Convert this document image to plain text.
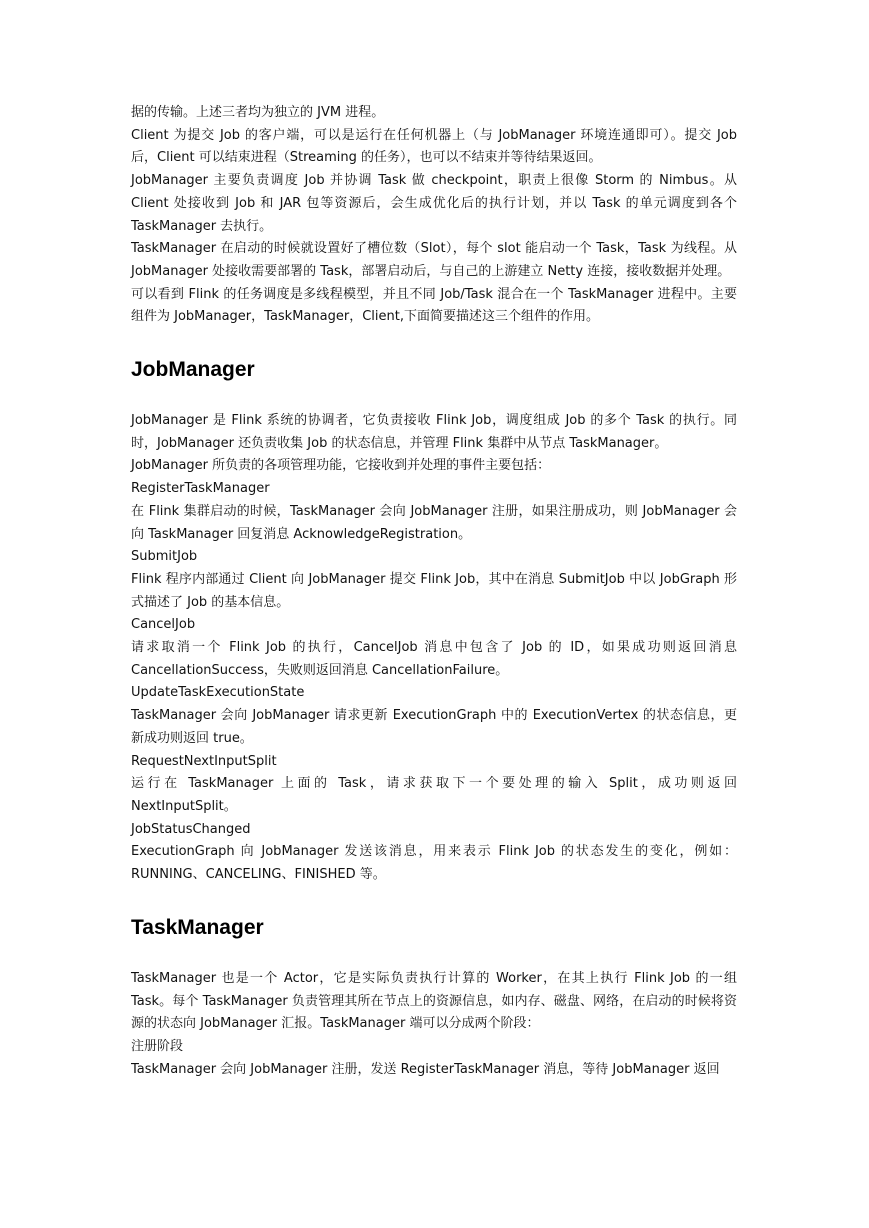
据的传输。上述三者均为独立的 JVM 进程。

Client 为提交 Job 的客户端，可以是运行在任何机器上（与 JobManager 环境连通即可）。提交 Job 后，Client 可以结束进程（Streaming 的任务），也可以不结束并等待结果返回。

JobManager 主要负责调度 Job 并协调 Task 做 checkpoint，职责上很像 Storm 的 Nimbus。从 Client 处接收到 Job 和 JAR 包等资源后，会生成优化后的执行计划，并以 Task 的单元调度到各个 TaskManager 去执行。

TaskManager 在启动的时候就设置好了槽位数（Slot），每个 slot 能启动一个 Task，Task 为线程。从 JobManager 处接收需要部署的 Task，部署启动后，与自己的上游建立 Netty 连接，接收数据并处理。

可以看到 Flink 的任务调度是多线程模型，并且不同 Job/Task 混合在一个 TaskManager 进程中。主要组件为 JobManager，TaskManager，Client,下面简要描述这三个组件的作用。

JobManager

JobManager 是 Flink 系统的协调者，它负责接收 Flink Job，调度组成 Job 的多个 Task 的执行。同时，JobManager 还负责收集 Job 的状态信息，并管理 Flink 集群中从节点 TaskManager。

JobManager 所负责的各项管理功能，它接收到并处理的事件主要包括：

RegisterTaskManager

在 Flink 集群启动的时候，TaskManager 会向 JobManager 注册，如果注册成功，则 JobManager 会向 TaskManager 回复消息 AcknowledgeRegistration。

SubmitJob

Flink 程序内部通过 Client 向 JobManager 提交 Flink Job，其中在消息 SubmitJob 中以 JobGraph 形式描述了 Job 的基本信息。

CancelJob

请求取消一个 Flink Job 的执行，CancelJob 消息中包含了 Job 的 ID，如果成功则返回消息 CancellationSuccess，失败则返回消息 CancellationFailure。

UpdateTaskExecutionState

TaskManager 会向 JobManager 请求更新 ExecutionGraph 中的 ExecutionVertex 的状态信息，更新成功则返回 true。

RequestNextInputSplit

运行在 TaskManager 上面的 Task，请求获取下一个要处理的输入 Split，成功则返回 NextInputSplit。

JobStatusChanged

ExecutionGraph 向 JobManager 发送该消息，用来表示 Flink Job 的状态发生的变化，例如：RUNNING、CANCELING、FINISHED 等。

TaskManager

TaskManager 也是一个 Actor，它是实际负责执行计算的 Worker，在其上执行 Flink Job 的一组 Task。每个 TaskManager 负责管理其所在节点上的资源信息，如内存、磁盘、网络，在启动的时候将资源的状态向 JobManager 汇报。TaskManager 端可以分成两个阶段：

注册阶段

TaskManager 会向 JobManager 注册，发送 RegisterTaskManager 消息，等待 JobManager 返回
